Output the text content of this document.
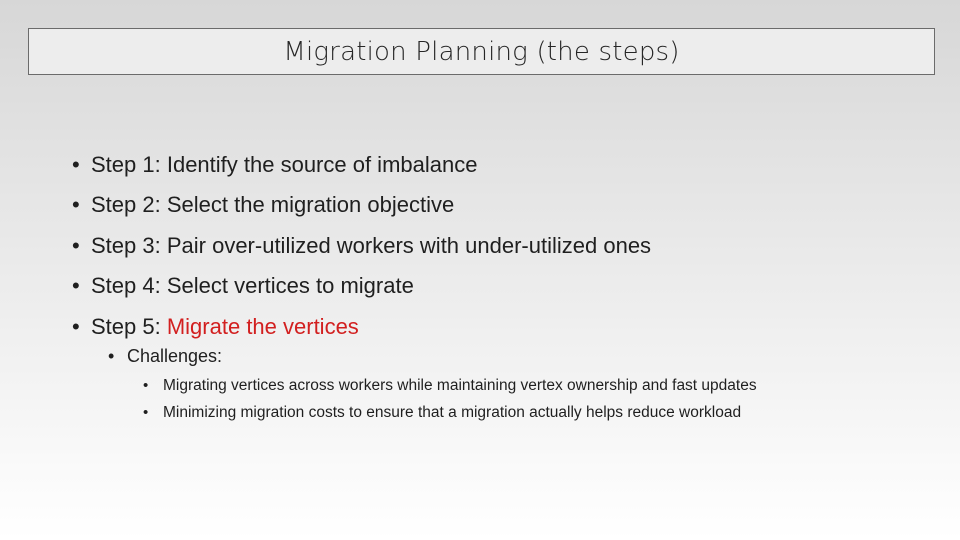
Migration Planning (the steps)
• Step 1: Identify the source of imbalance
• Step 2: Select the migration objective
• Step 3: Pair over-utilized workers with under-utilized ones
• Step 4: Select vertices to migrate
• Step 5: Migrate the vertices
• Challenges:
• Migrating vertices across workers while maintaining vertex ownership and fast updates
• Minimizing migration costs to ensure that a migration actually helps reduce workload
